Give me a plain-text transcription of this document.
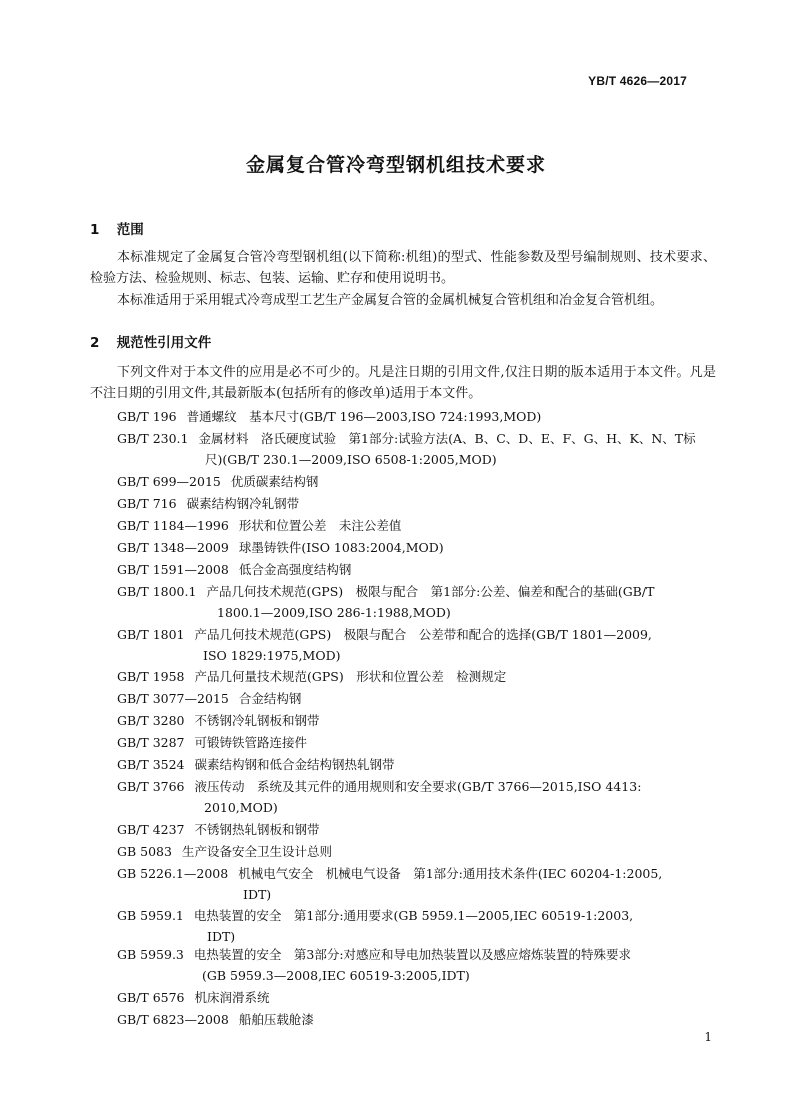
YB/T 4626—2017
金属复合管冷弯型钢机组技术要求
1 范围

本标准规定了金属复合管冷弯型钢机组(以下简称:机组)的型式、性能参数及型号编制规则、技术要求、检验方法、检验规则、标志、包装、运输、贮存和使用说明书。

本标准适用于采用辊式冷弯成型工艺生产金属复合管的金属机械复合管机组和冶金复合管机组。

2 规范性引用文件

下列文件对于本文件的应用是必不可少的。凡是注日期的引用文件,仅注日期的版本适用于本文件。凡是不注日期的引用文件,其最新版本(包括所有的修改单)适用于本文件。

GB/T 196 普通螺纹　基本尺寸(GB/T 196—2003,ISO 724:1993,MOD)

GB/T 230.1 金属材料　洛氏硬度试验　第1部分:试验方法(A、B、C、D、E、F、G、H、K、N、T标
尺)(GB/T 230.1—2009,ISO 6508-1:2005,MOD)

GB/T 699—2015 优质碳素结构钢

GB/T 716 碳素结构钢冷轧钢带

GB/T 1184—1996 形状和位置公差　未注公差值

GB/T 1348—2009 球墨铸铁件(ISO 1083:2004,MOD)

GB/T 1591—2008 低合金高强度结构钢

GB/T 1800.1 产品几何技术规范(GPS)　极限与配合　第1部分:公差、偏差和配合的基础(GB/T
1800.1—2009,ISO 286-1:1988,MOD)

GB/T 1801 产品几何技术规范(GPS)　极限与配合　公差带和配合的选择(GB/T 1801—2009,
ISO 1829:1975,MOD)

GB/T 1958 产品几何量技术规范(GPS)　形状和位置公差　检测规定

GB/T 3077—2015 合金结构钢

GB/T 3280 不锈钢冷轧钢板和钢带

GB/T 3287 可锻铸铁管路连接件

GB/T 3524 碳素结构钢和低合金结构钢热轧钢带

GB/T 3766 液压传动　系统及其元件的通用规则和安全要求(GB/T 3766—2015,ISO 4413:
2010,MOD)

GB/T 4237 不锈钢热轧钢板和钢带

GB 5083 生产设备安全卫生设计总则

GB 5226.1—2008 机械电气安全　机械电气设备　第1部分:通用技术条件(IEC 60204-1:2005,
IDT)

GB 5959.1 电热装置的安全　第1部分:通用要求(GB 5959.1—2005,IEC 60519-1:2003,
IDT)

GB 5959.3 电热装置的安全　第3部分:对感应和导电加热装置以及感应熔炼装置的特殊要求
(GB 5959.3—2008,IEC 60519-3:2005,IDT)

GB/T 6576 机床润滑系统

GB/T 6823—2008 船舶压载舱漆

1
